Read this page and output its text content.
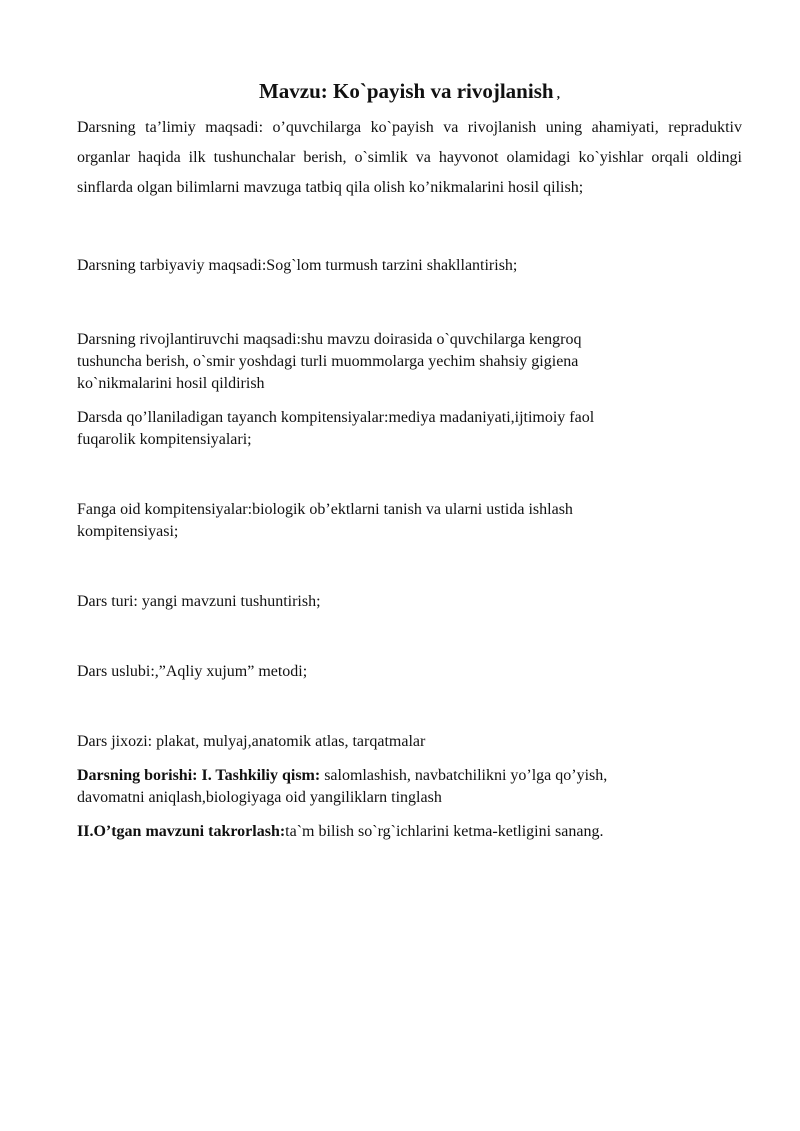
Mavzu: Ko`payish va rivojlanish ,

Darsning ta’limiy maqsadi: o’quvchilarga ko`payish va rivojlanish uning ahamiyati, repraduktiv organlar haqida ilk tushunchalar berish, o`simlik va hayvonot olamidagi ko`yishlar orqali oldingi sinflarda olgan bilimlarni mavzuga tatbiq qila olish ko’nikmalarini hosil qilish;

Darsning tarbiyaviy maqsadi:Sog`lom turmush tarzini shakllantirish;

Darsning rivojlantiruvchi maqsadi:shu mavzu doirasida o`quvchilarga kengroq

tushuncha berish, o`smir yoshdagi turli muommolarga yechim shahsiy gigiena

ko`nikmalarini hosil qildirish

Darsda qo’llaniladigan tayanch kompitensiyalar:mediya madaniyati,ijtimoiy faol

fuqarolik kompitensiyalari;

Fanga oid kompitensiyalar:biologik ob’ektlarni tanish va ularni ustida ishlash

kompitensiyasi;

Dars turi: yangi mavzuni tushuntirish;

Dars uslubi:,”Aqliy xujum” metodi;

Dars jixozi: plakat, mulyaj,anatomik atlas, tarqatmalar

Darsning borishi: I. Tashkiliy qism: salomlashish, navbatchilikni yo’lga qo’yish,

davomatni aniqlash,biologiyaga oid yangiliklarn tinglash

II.O’tgan mavzuni takrorlash:ta`m bilish so`rg`ichlarini ketma-ketligini sanang.
